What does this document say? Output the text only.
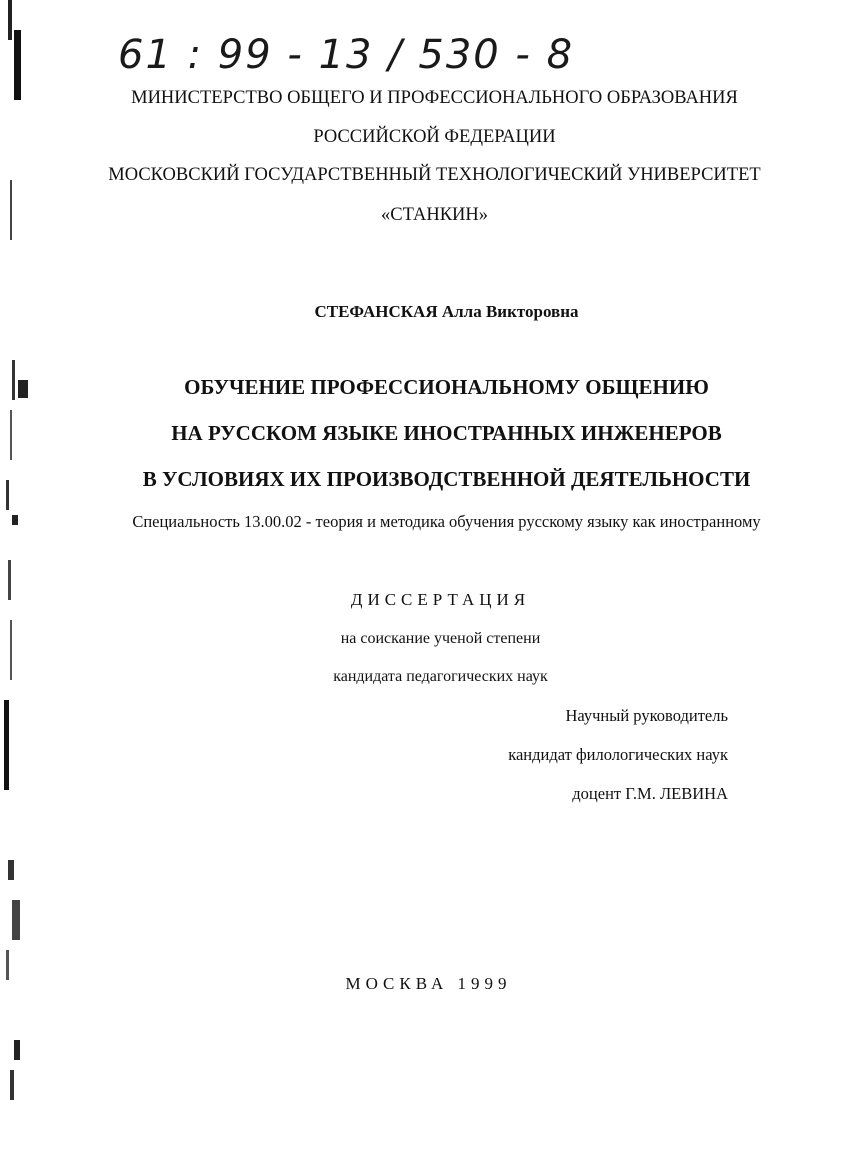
61 : 99 - 13 / 530 - 8
МИНИСТЕРСТВО ОБЩЕГО И ПРОФЕССИОНАЛЬНОГО ОБРАЗОВАНИЯ
РОССИЙСКОЙ ФЕДЕРАЦИИ
МОСКОВСКИЙ ГОСУДАРСТВЕННЫЙ ТЕХНОЛОГИЧЕСКИЙ УНИВЕРСИТЕТ
«СТАНКИН»
СТЕФАНСКАЯ Алла Викторовна
ОБУЧЕНИЕ ПРОФЕССИОНАЛЬНОМУ ОБЩЕНИЮ
НА РУССКОМ ЯЗЫКЕ ИНОСТРАННЫХ ИНЖЕНЕРОВ
В УСЛОВИЯХ ИХ ПРОИЗВОДСТВЕННОЙ ДЕЯТЕЛЬНОСТИ
Специальность 13.00.02 - теория и методика обучения русскому языку как иностранному
ДИССЕРТАЦИЯ
на соискание ученой степени
кандидата педагогических наук
Научный руководитель
кандидат филологических наук
доцент Г.М. ЛЕВИНА
МОСКВА 1999
